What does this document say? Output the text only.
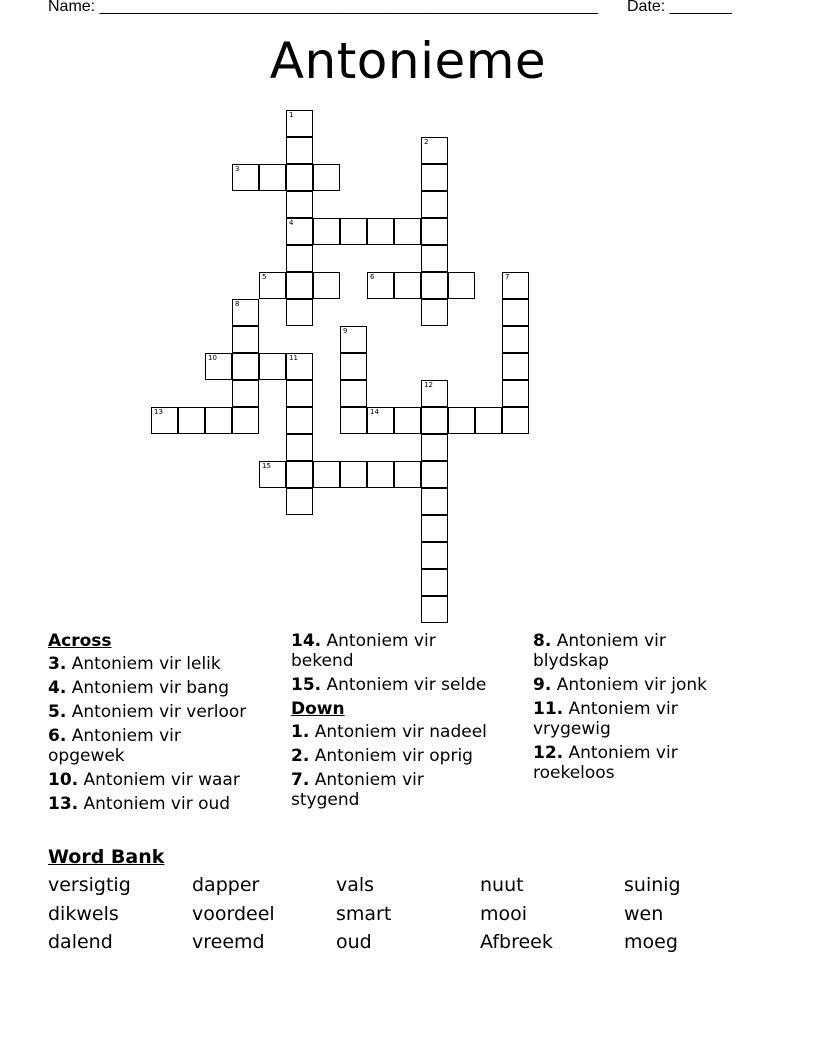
Name: ________________________________________________________ Date: _______
Antonieme
3
4
5	6
10	11
13	14
15
1
2
7
8
9
12
Across
3. Antoniem vir lelik
4. Antoniem vir bang
5. Antoniem vir verloor
6. Antoniem vir opgewek
10. Antoniem vir waar
13. Antoniem vir oud
14. Antoniem vir bekend
15. Antoniem vir selde
Down
1. Antoniem vir nadeel
2. Antoniem vir oprig
7. Antoniem vir stygend
8. Antoniem vir blydskap
9. Antoniem vir jonk
11. Antoniem vir vrygewig
12. Antoniem vir roekeloos
Word Bank
versigtig	dapper	vals	nuut	suinig
dikwels	voordeel	smart	mooi	wen
dalend	vreemd	oud	Afbreek	moeg
